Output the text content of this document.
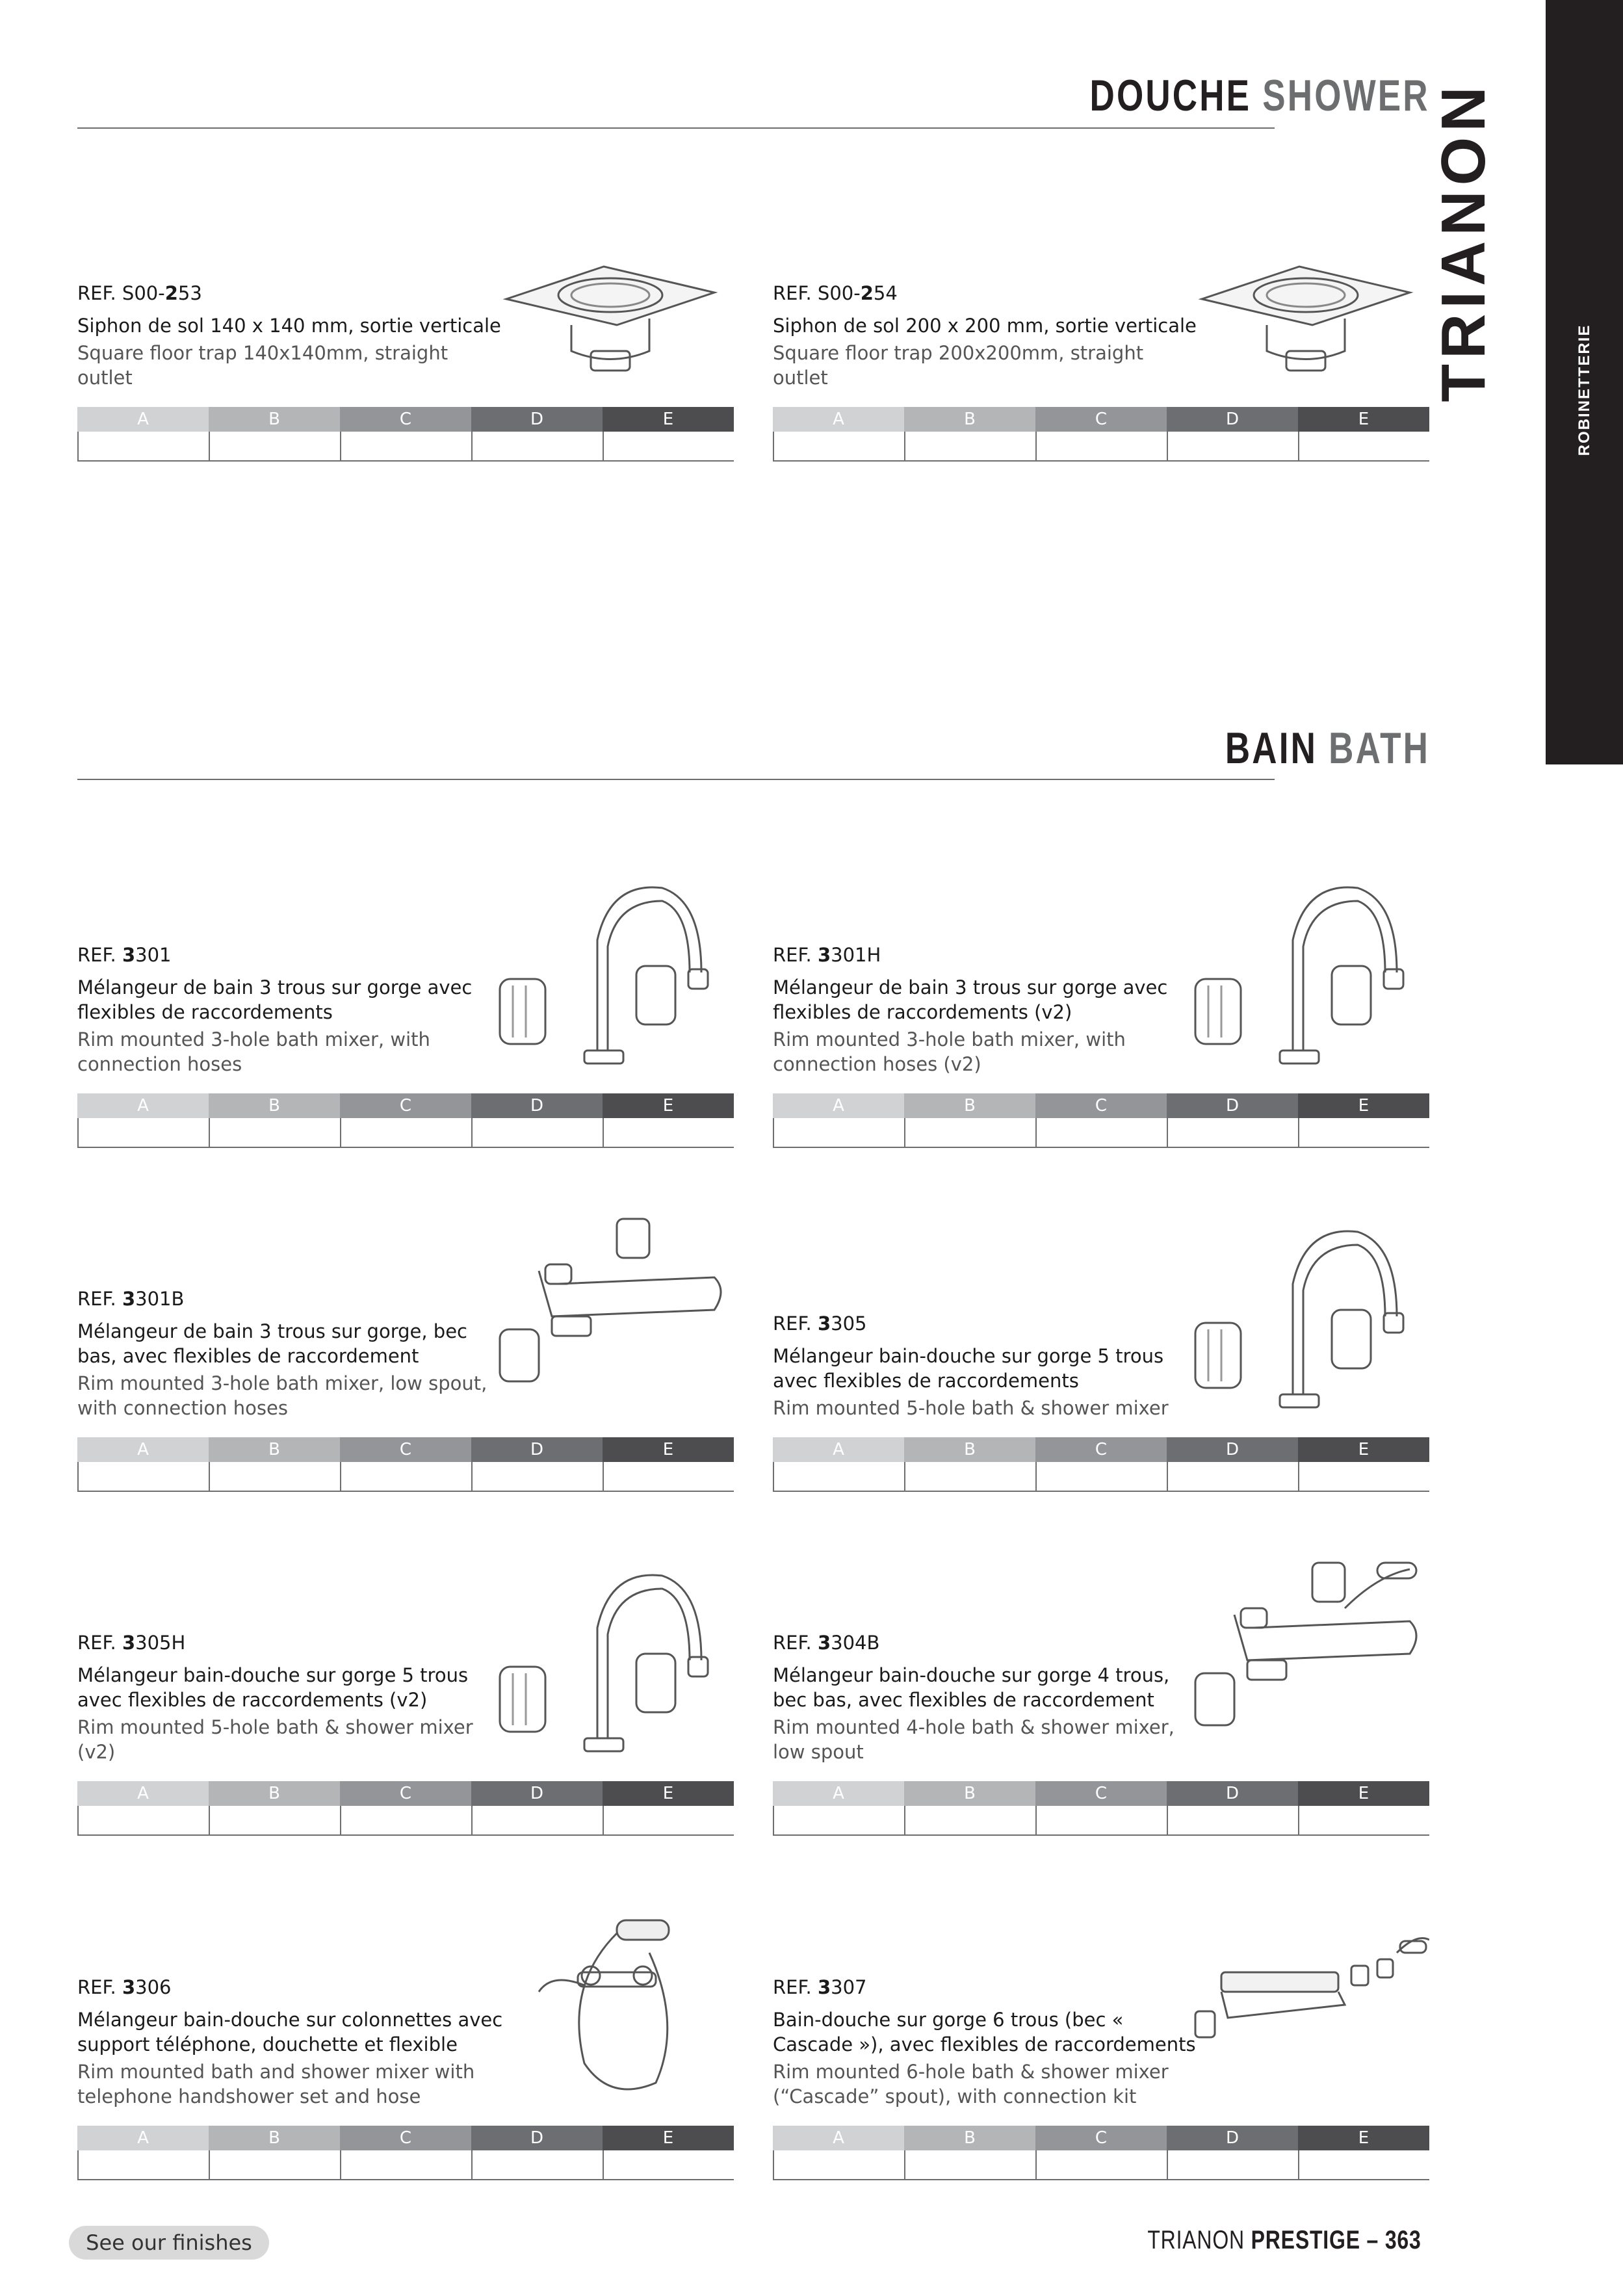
ROBINETTERIE
TRIANON
DOUCHE SHOWER
BAIN BATH
REF. S00-253
Siphon de sol 140 x 140 mm, sortie verticale
Square floor trap 140x140mm, straight outlet
A	B	C	D	E
REF. S00-254
Siphon de sol 200 x 200 mm, sortie verticale
Square floor trap 200x200mm, straight outlet
A	B	C	D	E
REF. 3301
Mélangeur de bain 3 trous sur gorge avec flexibles de raccordements
Rim mounted 3-hole bath mixer, with connection hoses
A	B	C	D	E
REF. 3301H
Mélangeur de bain 3 trous sur gorge avec flexibles de raccordements (v2)
Rim mounted 3-hole bath mixer, with connection hoses (v2)
A	B	C	D	E
REF. 3301B
Mélangeur de bain 3 trous sur gorge, bec bas, avec flexibles de raccordement
Rim mounted 3-hole bath mixer, low spout, with connection hoses
A	B	C	D	E
REF. 3305
Mélangeur bain-douche sur gorge 5 trous avec flexibles de raccordements
Rim mounted 5-hole bath & shower mixer
A	B	C	D	E
REF. 3305H
Mélangeur bain-douche sur gorge 5 trous avec flexibles de raccordements (v2)
Rim mounted 5-hole bath & shower mixer (v2)
A	B	C	D	E
REF. 3304B
Mélangeur bain-douche sur gorge 4 trous, bec bas, avec flexibles de raccordement
Rim mounted 4-hole bath & shower mixer, low spout
A	B	C	D	E
REF. 3306
Mélangeur bain-douche sur colonnettes avec support téléphone, douchette et flexible
Rim mounted bath and shower mixer with telephone handshower set and hose
A	B	C	D	E
REF. 3307
Bain-douche sur gorge 6 trous (bec « Cascade »), avec flexibles de raccordements
Rim mounted 6-hole bath & shower mixer (“Cascade” spout), with connection kit
A	B	C	D	E
See our finishes	TRIANON PRESTIGE – 363
